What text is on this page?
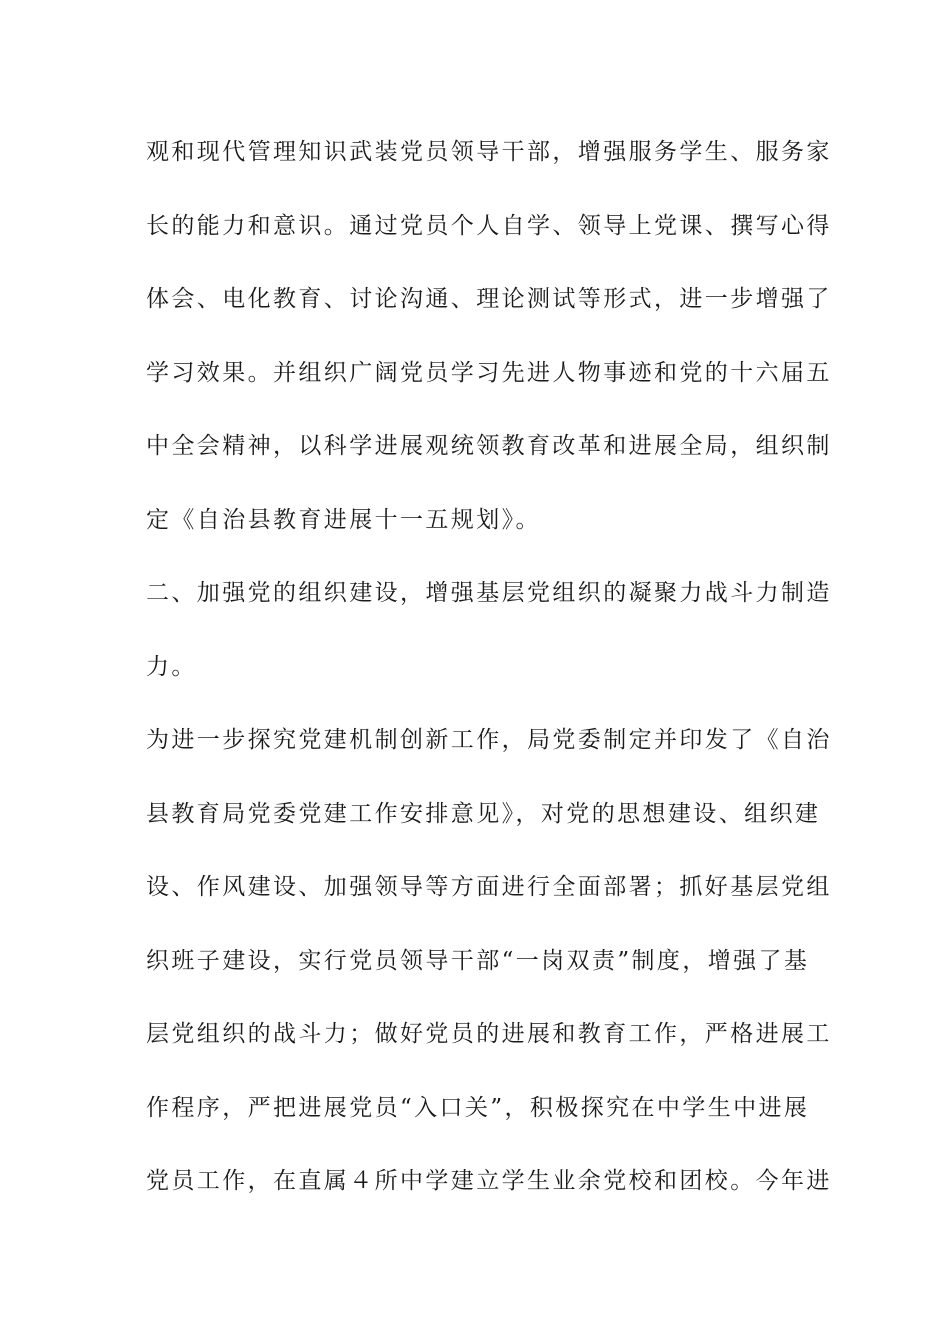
观和现代管理知识武装党员领导干部，增强服务学生、服务家
长的能力和意识。通过党员个人自学、领导上党课、撰写心得
体会、电化教育、讨论沟通、理论测试等形式，进一步增强了
学习效果。并组织广阔党员学习先进人物事迹和党的十六届五
中全会精神，以科学进展观统领教育改革和进展全局，组织制
定《自治县教育进展十一五规划》。
二、加强党的组织建设，增强基层党组织的凝聚力战斗力制造
力。
为进一步探究党建机制创新工作，局党委制定并印发了《自治
县教育局党委党建工作安排意见》，对党的思想建设、组织建
设、作风建设、加强领导等方面进行全面部署；抓好基层党组
织班子建设，实行党员领导干部“一岗双责”制度，增强了基
层党组织的战斗力；做好党员的进展和教育工作，严格进展工
作程序，严把进展党员“入口关”，积极探究在中学生中进展
党员工作，在直属４所中学建立学生业余党校和团校。今年进
